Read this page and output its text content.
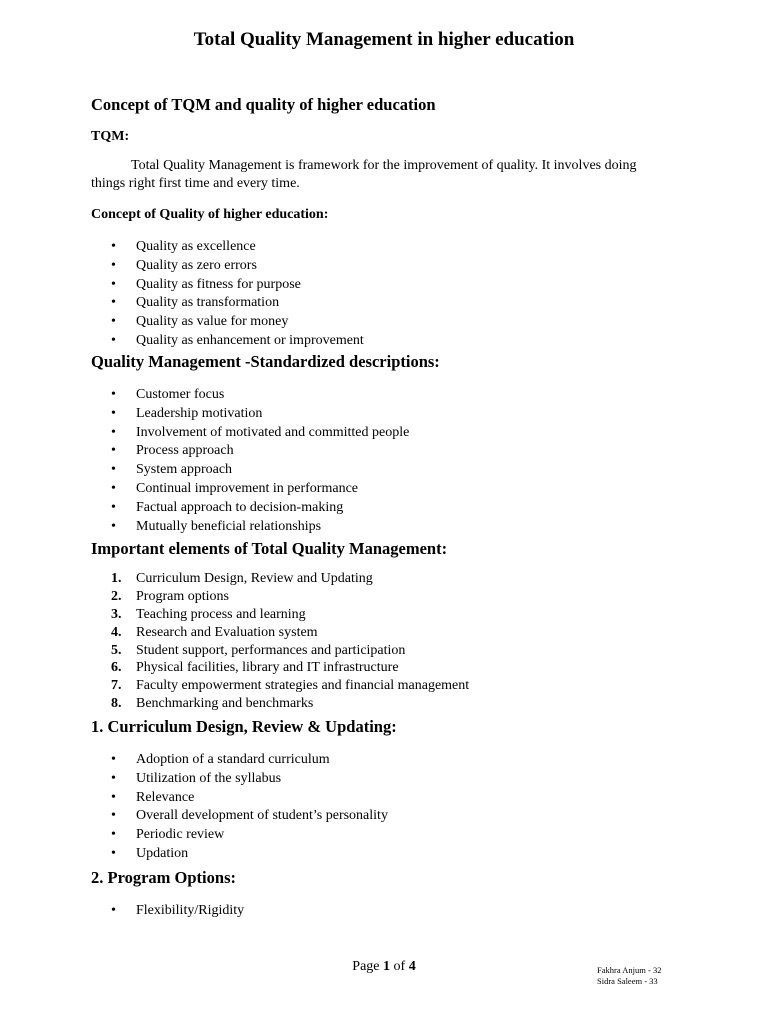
Total Quality Management in higher education
Concept of TQM and quality of higher education
TQM:
Total Quality Management is framework for the improvement of quality. It involves doing
things right first time and every time.
Concept of Quality of higher education:
• Quality as excellence
• Quality as zero errors
• Quality as fitness for purpose
• Quality as transformation
• Quality as value for money
• Quality as enhancement or improvement
Quality Management -Standardized descriptions:
• Customer focus
• Leadership motivation
• Involvement of motivated and committed people
• Process approach
• System approach
• Continual improvement in performance
• Factual approach to decision-making
• Mutually beneficial relationships
Important elements of Total Quality Management:
1. Curriculum Design, Review and Updating
2. Program options
3. Teaching process and learning
4. Research and Evaluation system
5. Student support, performances and participation
6. Physical facilities, library and IT infrastructure
7. Faculty empowerment strategies and financial management
8. Benchmarking and benchmarks
1. Curriculum Design, Review & Updating:
• Adoption of a standard curriculum
• Utilization of the syllabus
• Relevance
• Overall development of student’s personality
• Periodic review
• Updation
2. Program Options:
• Flexibility/Rigidity
Page 1 of 4	Fakhra Anjum - 32
Sidra Saleem - 33
